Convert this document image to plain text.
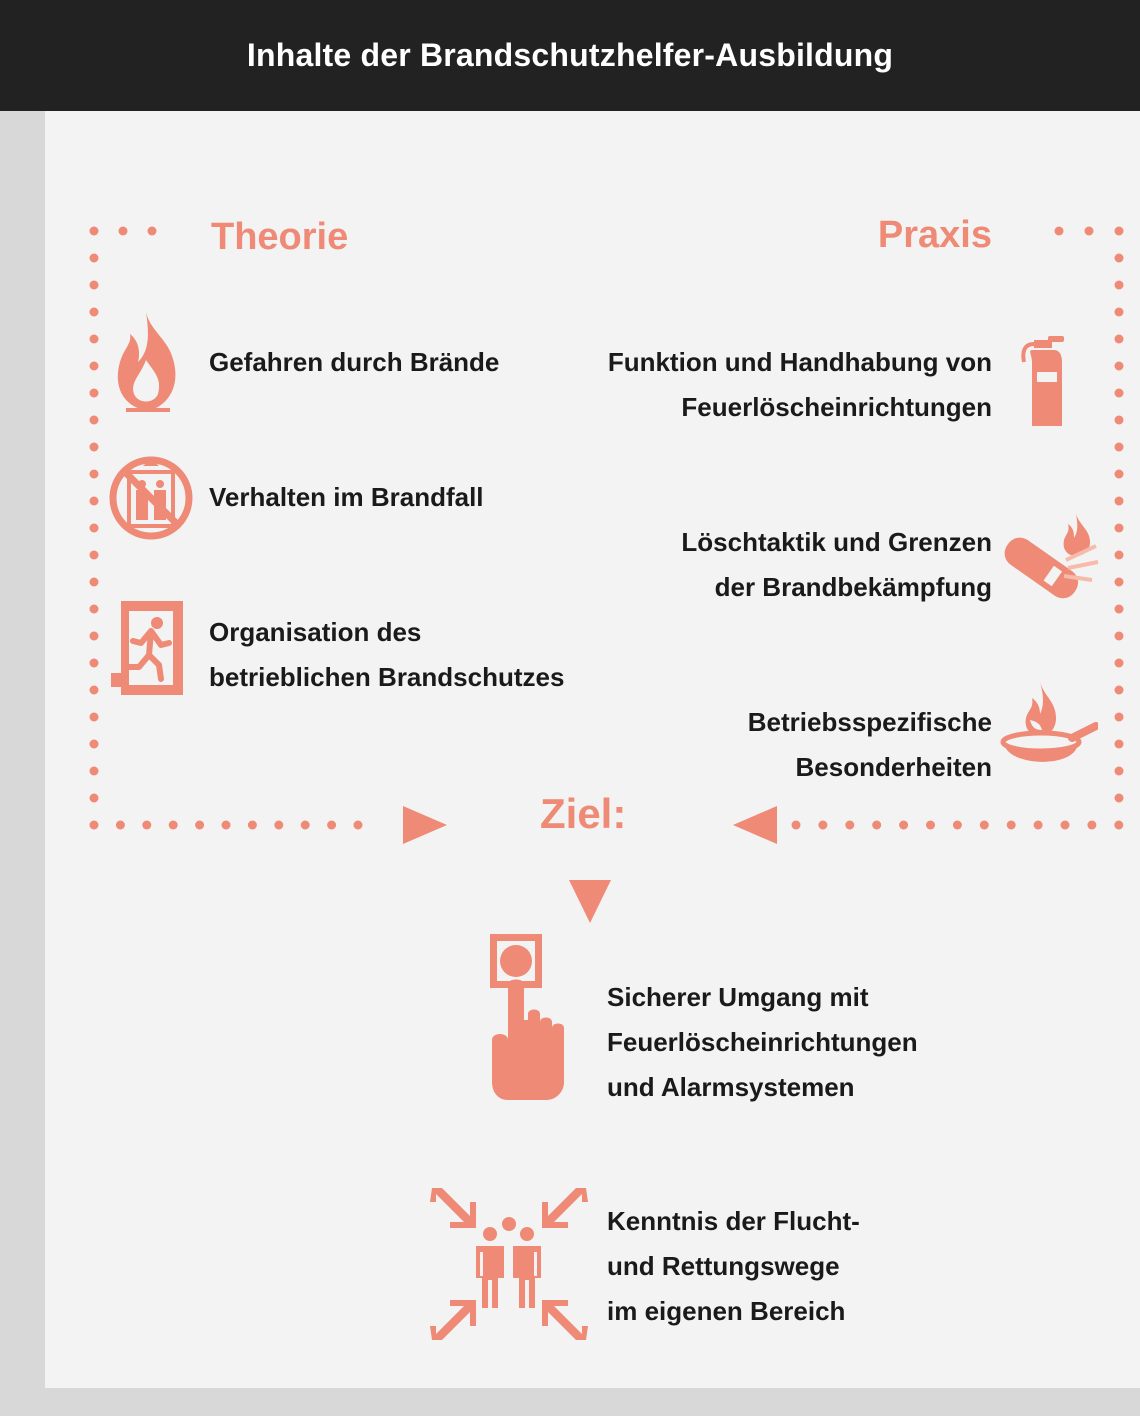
Inhalte der Brandschutzhelfer-Ausbildung

Theorie	Praxis

Gefahren durch Brände

Verhalten im Brandfall

Organisation des
betrieblichen Brandschutzes

Funktion und Handhabung von
Feuerlöscheinrichtungen

Löschtaktik und Grenzen
der Brandbekämpfung

Betriebsspezifische
Besonderheiten

Ziel:

Sicherer Umgang mit
Feuerlöscheinrichtungen
und Alarmsystemen

Kenntnis der Flucht-
und Rettungswege
im eigenen Bereich
